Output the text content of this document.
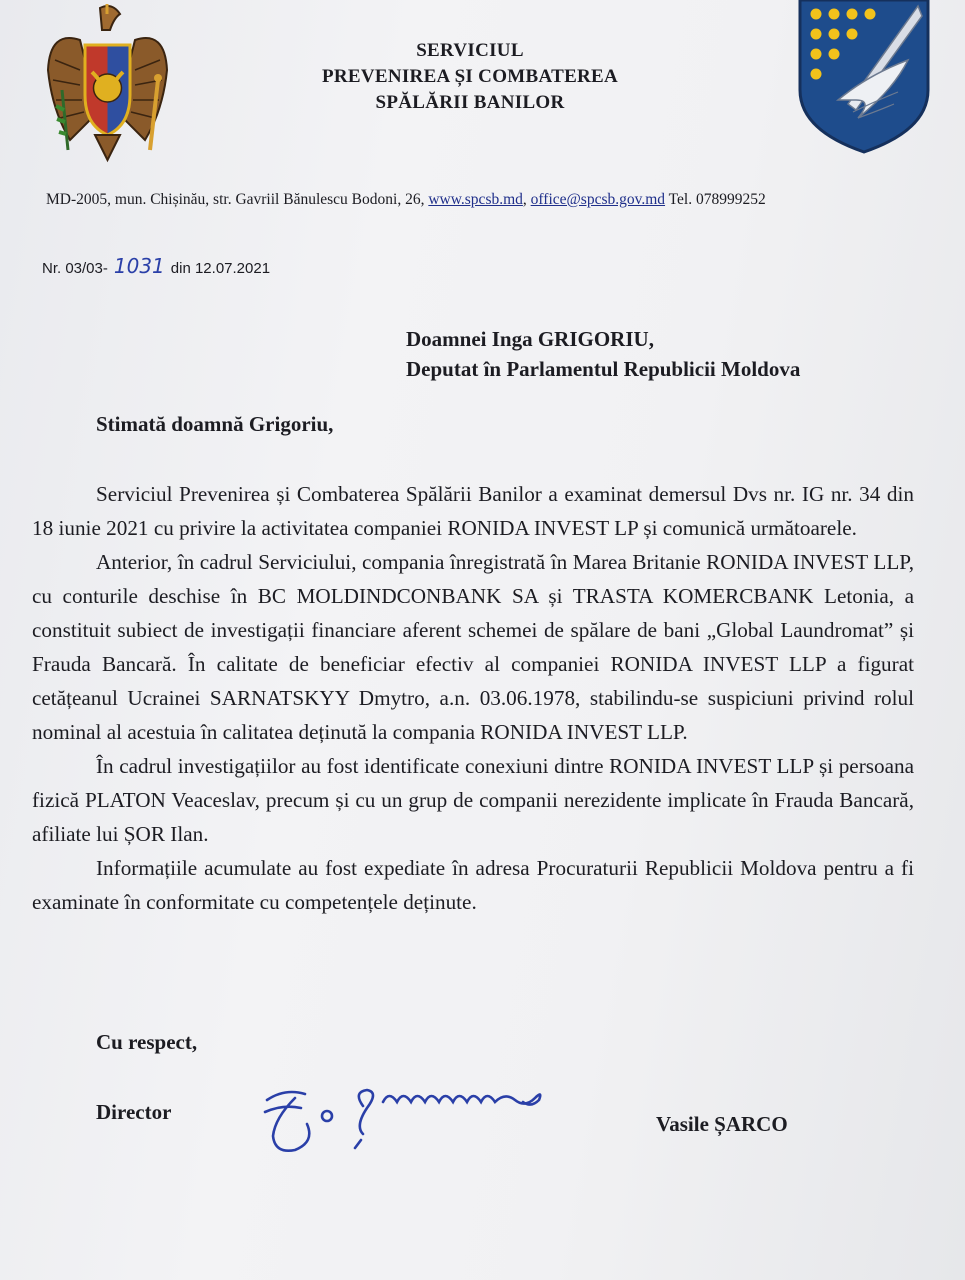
SERVICIUL
PREVENIREA ȘI COMBATEREA
SPĂLĂRII BANILOR
MD-2005, mun. Chișinău, str. Gavriil Bănulescu Bodoni, 26, www.spcsb.md, office@spcsb.gov.md Tel. 078999252
Nr. 03/03- 1031 din 12.07.2021
Doamnei Inga GRIGORIU,
Deputat în Parlamentul Republicii Moldova
Stimată doamnă Grigoriu,

Serviciul Prevenirea și Combaterea Spălării Banilor a examinat demersul Dvs nr. IG nr. 34 din 18 iunie 2021 cu privire la activitatea companiei RONIDA INVEST LP și comunică următoarele.

Anterior, în cadrul Serviciului, compania înregistrată în Marea Britanie RONIDA INVEST LLP, cu conturile deschise în BC MOLDINDCONBANK SA și TRASTA KOMERCBANK Letonia, a constituit subiect de investigații financiare aferent schemei de spălare de bani „Global Laundromat” și Frauda Bancară. În calitate de beneficiar efectiv al companiei RONIDA INVEST LLP a figurat cetățeanul Ucrainei SARNATSKYY Dmytro, a.n. 03.06.1978, stabilindu-se suspiciuni privind rolul nominal al acestuia în calitatea deținută la compania RONIDA INVEST LLP.

În cadrul investigațiilor au fost identificate conexiuni dintre RONIDA INVEST LLP și persoana fizică PLATON Veaceslav, precum și cu un grup de companii nerezidente implicate în Frauda Bancară, afiliate lui ȘOR Ilan.

Informațiile acumulate au fost expediate în adresa Procuraturii Republicii Moldova pentru a fi examinate în conformitate cu competențele deținute.

Cu respect,
Director	Vasile ȘARCO
